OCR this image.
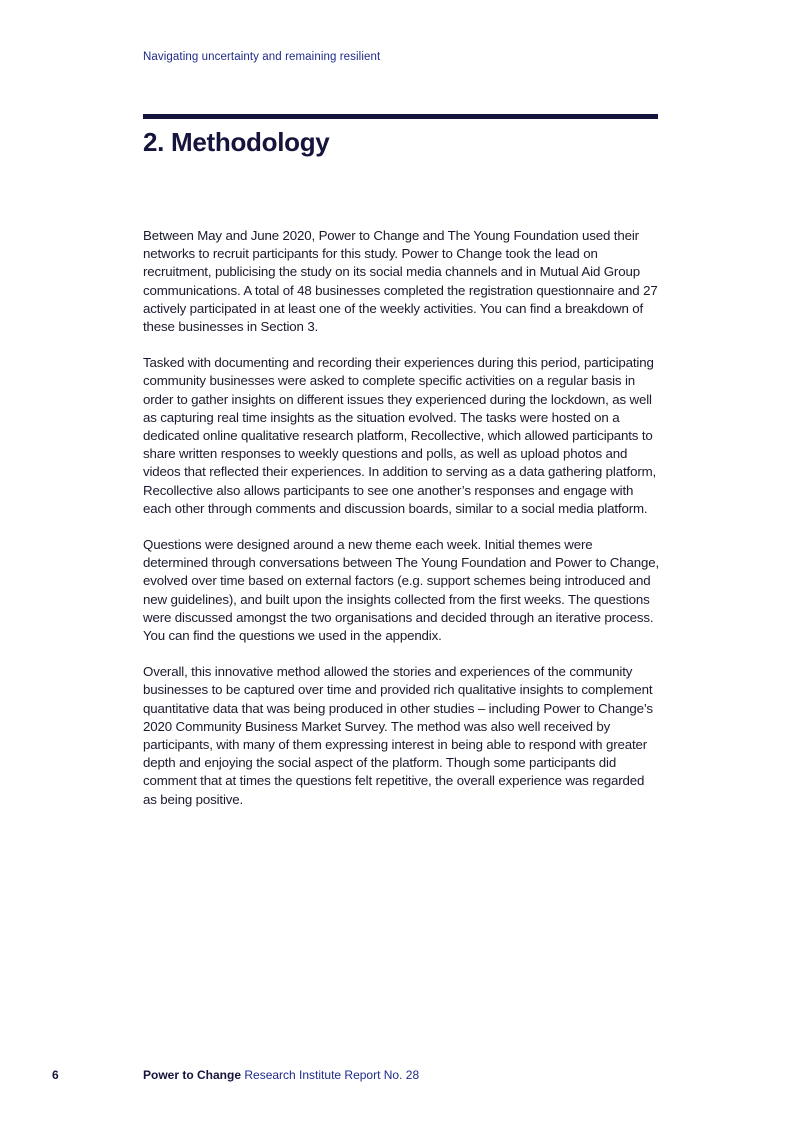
Navigating uncertainty and remaining resilient
2. Methodology

Between May and June 2020, Power to Change and The Young Foundation used their networks to recruit participants for this study. Power to Change took the lead on recruitment, publicising the study on its social media channels and in Mutual Aid Group communications. A total of 48 businesses completed the registration questionnaire and 27 actively participated in at least one of the weekly activities. You can find a breakdown of these businesses in Section 3.

Tasked with documenting and recording their experiences during this period, participating community businesses were asked to complete specific activities on a regular basis in order to gather insights on different issues they experienced during the lockdown, as well as capturing real time insights as the situation evolved. The tasks were hosted on a dedicated online qualitative research platform, Recollective, which allowed participants to share written responses to weekly questions and polls, as well as upload photos and videos that reflected their experiences. In addition to serving as a data gathering platform, Recollective also allows participants to see one another’s responses and engage with each other through comments and discussion boards, similar to a social media platform.

Questions were designed around a new theme each week. Initial themes were determined through conversations between The Young Foundation and Power to Change, evolved over time based on external factors (e.g. support schemes being introduced and new guidelines), and built upon the insights collected from the first weeks. The questions were discussed amongst the two organisations and decided through an iterative process. You can find the questions we used in the appendix.

Overall, this innovative method allowed the stories and experiences of the community businesses to be captured over time and provided rich qualitative insights to complement quantitative data that was being produced in other studies – including Power to Change’s 2020 Community Business Market Survey. The method was also well received by participants, with many of them expressing interest in being able to respond with greater depth and enjoying the social aspect of the platform. Though some participants did comment that at times the questions felt repetitive, the overall experience was regarded as being positive.

6	Power to Change Research Institute Report No. 28
